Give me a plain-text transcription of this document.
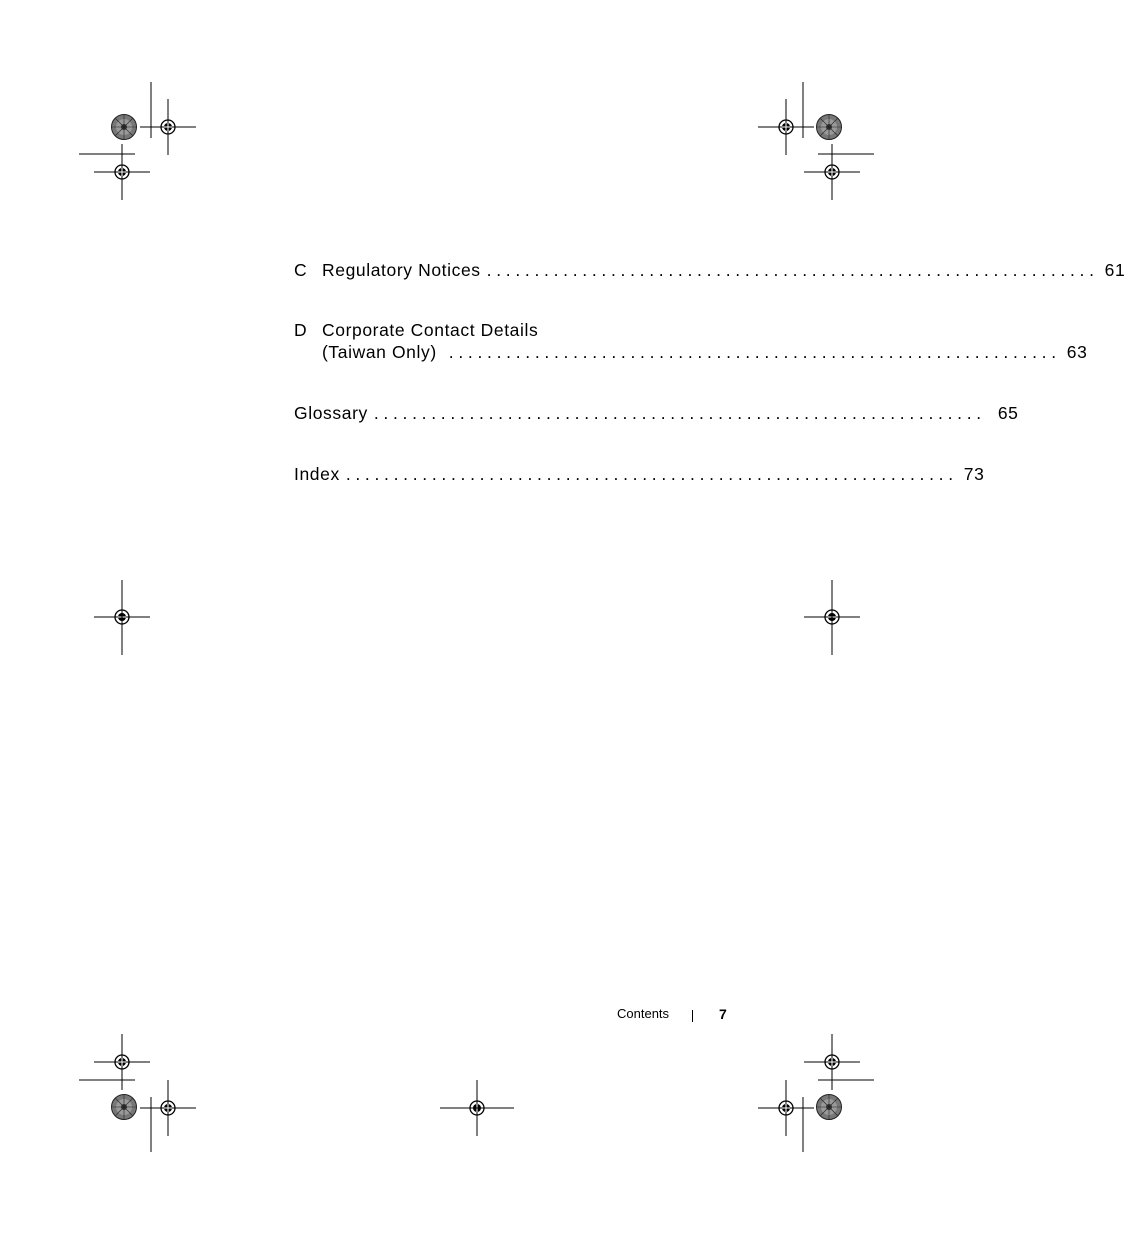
C Regulatory Notices ................................................................ 61
D Corporate Contact Details
(Taiwan Only) ................................................................ 63
Glossary ................................................................ 65
Index ................................................................ 73
Contents	7
